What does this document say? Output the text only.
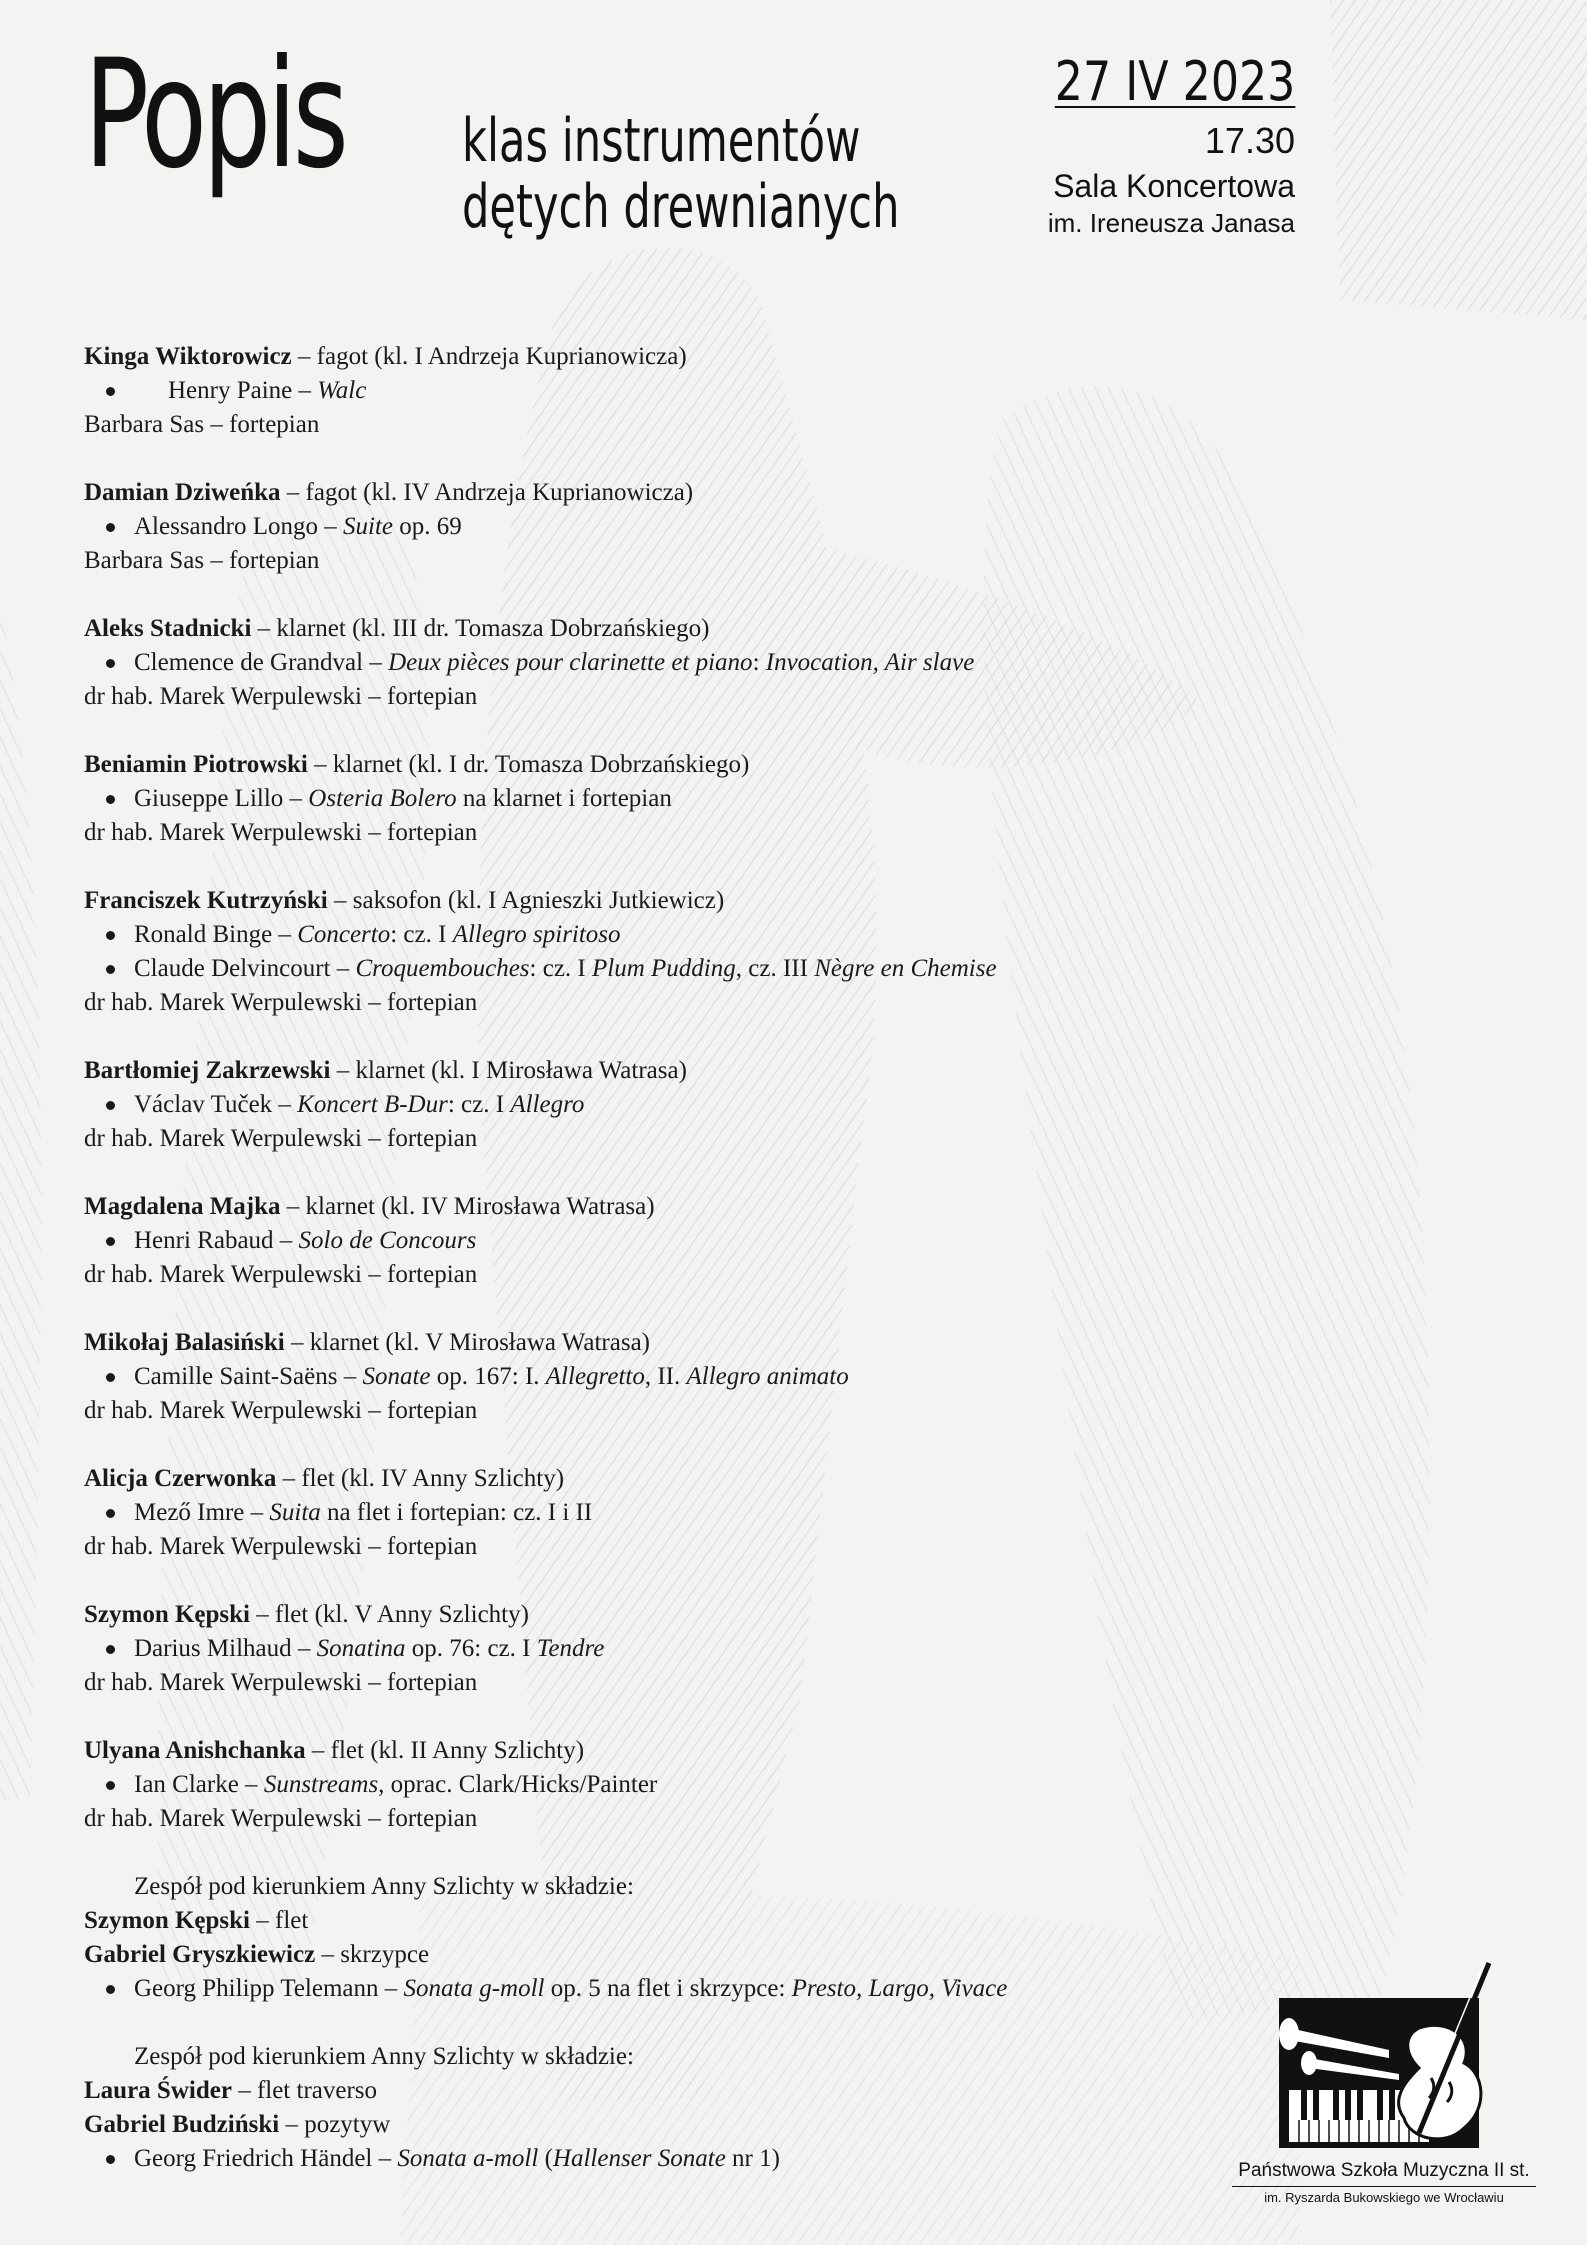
Popis klas instrumentów
dętych drewnianych
27 IV 2023
17.30
Sala Koncertowa
im. Ireneusza Janasa
Kinga Wiktorowicz – fagot (kl. I Andrzeja Kuprianowicza)
Henry Paine – Walc
Barbara Sas – fortepian
Damian Dziweńka – fagot (kl. IV Andrzeja Kuprianowicza)
Alessandro Longo – Suite op. 69
Barbara Sas – fortepian
Aleks Stadnicki – klarnet (kl. III dr. Tomasza Dobrzańskiego)
Clemence de Grandval – Deux pièces pour clarinette et piano: Invocation, Air slave
dr hab. Marek Werpulewski – fortepian
Beniamin Piotrowski – klarnet (kl. I dr. Tomasza Dobrzańskiego)
Giuseppe Lillo – Osteria Bolero na klarnet i fortepian
dr hab. Marek Werpulewski – fortepian
Franciszek Kutrzyński – saksofon (kl. I Agnieszki Jutkiewicz)
Ronald Binge – Concerto: cz. I Allegro spiritoso
Claude Delvincourt – Croquembouches: cz. I Plum Pudding, cz. III Nègre en Chemise
dr hab. Marek Werpulewski – fortepian
Bartłomiej Zakrzewski – klarnet (kl. I Mirosława Watrasa)
Václav Tuček – Koncert B-Dur: cz. I Allegro
dr hab. Marek Werpulewski – fortepian
Magdalena Majka – klarnet (kl. IV Mirosława Watrasa)
Henri Rabaud – Solo de Concours
dr hab. Marek Werpulewski – fortepian
Mikołaj Balasiński – klarnet (kl. V Mirosława Watrasa)
Camille Saint-Saëns – Sonate op. 167: I. Allegretto, II. Allegro animato
dr hab. Marek Werpulewski – fortepian
Alicja Czerwonka – flet (kl. IV Anny Szlichty)
Mező Imre – Suita na flet i fortepian: cz. I i II
dr hab. Marek Werpulewski – fortepian
Szymon Kępski – flet (kl. V Anny Szlichty)
Darius Milhaud – Sonatina op. 76: cz. I Tendre
dr hab. Marek Werpulewski – fortepian
Ulyana Anishchanka – flet (kl. II Anny Szlichty)
Ian Clarke – Sunstreams, oprac. Clark/Hicks/Painter
dr hab. Marek Werpulewski – fortepian
Zespół pod kierunkiem Anny Szlichty w składzie:
Szymon Kępski – flet
Gabriel Gryszkiewicz – skrzypce
Georg Philipp Telemann – Sonata g-moll op. 5 na flet i skrzypce: Presto, Largo, Vivace
Zespół pod kierunkiem Anny Szlichty w składzie:
Laura Świder – flet traverso
Gabriel Budziński – pozytyw
Georg Friedrich Händel – Sonata a-moll (Hallenser Sonate nr 1)	Państwowa Szkoła Muzyczna II st.
im. Ryszarda Bukowskiego we Wrocławiu
